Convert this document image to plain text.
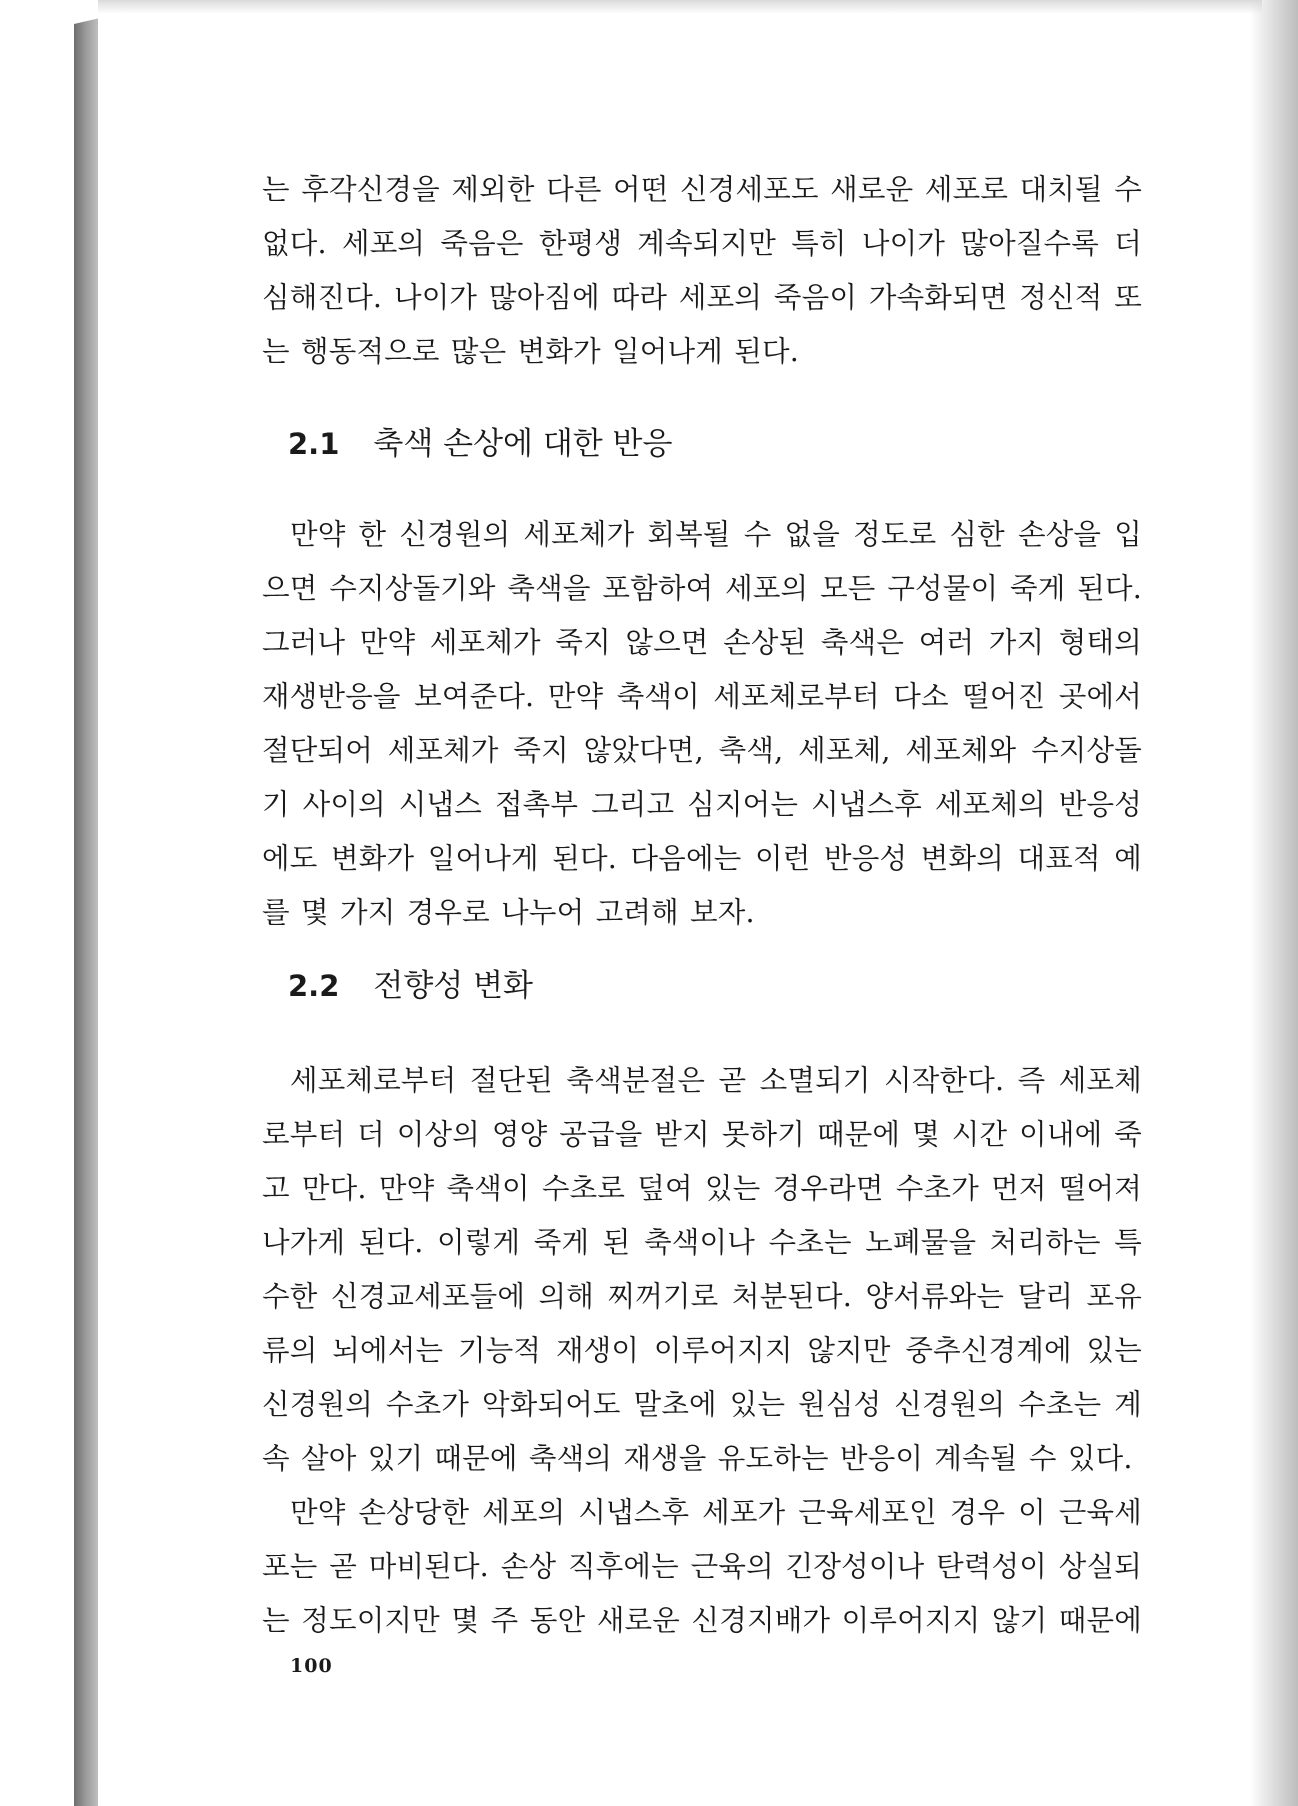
는 후각신경을 제외한 다른 어떤 신경세포도 새로운 세포로 대치될 수

없다. 세포의 죽음은 한평생 계속되지만 특히 나이가 많아질수록 더

심해진다. 나이가 많아짐에 따라 세포의 죽음이 가속화되면 정신적 또

는 행동적으로 많은 변화가 일어나게 된다.

2.1 축색 손상에 대한 반응

만약 한 신경원의 세포체가 회복될 수 없을 정도로 심한 손상을 입

으면 수지상돌기와 축색을 포함하여 세포의 모든 구성물이 죽게 된다.

그러나 만약 세포체가 죽지 않으면 손상된 축색은 여러 가지 형태의

재생반응을 보여준다. 만약 축색이 세포체로부터 다소 떨어진 곳에서

절단되어 세포체가 죽지 않았다면, 축색, 세포체, 세포체와 수지상돌

기 사이의 시냅스 접촉부 그리고 심지어는 시냅스후 세포체의 반응성

에도 변화가 일어나게 된다. 다음에는 이런 반응성 변화의 대표적 예

를 몇 가지 경우로 나누어 고려해 보자.

2.2 전향성 변화

세포체로부터 절단된 축색분절은 곧 소멸되기 시작한다. 즉 세포체

로부터 더 이상의 영양 공급을 받지 못하기 때문에 몇 시간 이내에 죽

고 만다. 만약 축색이 수초로 덮여 있는 경우라면 수초가 먼저 떨어져

나가게 된다. 이렇게 죽게 된 축색이나 수초는 노폐물을 처리하는 특

수한 신경교세포들에 의해 찌꺼기로 처분된다. 양서류와는 달리 포유

류의 뇌에서는 기능적 재생이 이루어지지 않지만 중추신경계에 있는

신경원의 수초가 악화되어도 말초에 있는 원심성 신경원의 수초는 계

속 살아 있기 때문에 축색의 재생을 유도하는 반응이 계속될 수 있다.

만약 손상당한 세포의 시냅스후 세포가 근육세포인 경우 이 근육세

포는 곧 마비된다. 손상 직후에는 근육의 긴장성이나 탄력성이 상실되

는 정도이지만 몇 주 동안 새로운 신경지배가 이루어지지 않기 때문에

100
